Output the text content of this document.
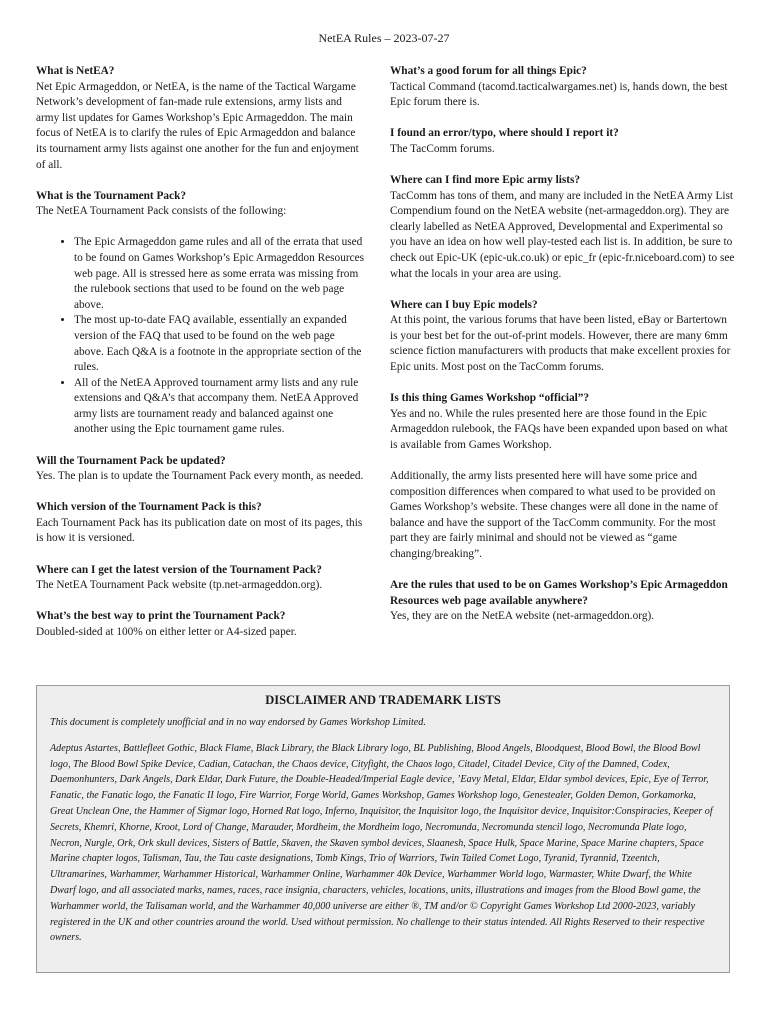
NetEA Rules – 2023-07-27

What is NetEA?

Net Epic Armageddon, or NetEA, is the name of the Tactical Wargame Network’s development of fan-made rule extensions, army lists and army list updates for Games Workshop’s Epic Armageddon. The main focus of NetEA is to clarify the rules of Epic Armageddon and balance its tournament army lists against one another for the fun and enjoyment of all.

What is the Tournament Pack?

The NetEA Tournament Pack consists of the following:

• The Epic Armageddon game rules and all of the errata that used to be found on Games Workshop’s Epic Armageddon Resources web page. All is stressed here as some errata was missing from the rulebook sections that used to be found on the web page above.
• The most up-to-date FAQ available, essentially an expanded version of the FAQ that used to be found on the web page above. Each Q&A is a footnote in the appropriate section of the rules.
• All of the NetEA Approved tournament army lists and any rule extensions and Q&A’s that accompany them. NetEA Approved army lists are tournament ready and balanced against one another using the Epic tournament game rules.

Will the Tournament Pack be updated?

Yes. The plan is to update the Tournament Pack every month, as needed.

Which version of the Tournament Pack is this?

Each Tournament Pack has its publication date on most of its pages, this is how it is versioned.

Where can I get the latest version of the Tournament Pack?

The NetEA Tournament Pack website (tp.net-armageddon.org).

What’s the best way to print the Tournament Pack?

Doubled-sided at 100% on either letter or A4-sized paper.

What’s a good forum for all things Epic?

Tactical Command (tacomd.tacticalwargames.net) is, hands down, the best Epic forum there is.

I found an error/typo, where should I report it?

The TacComm forums.

Where can I find more Epic army lists?

TacComm has tons of them, and many are included in the NetEA Army List Compendium found on the NetEA website (net-armageddon.org). They are clearly labelled as NetEA Approved, Developmental and Experimental so you have an idea on how well play-tested each list is. In addition, be sure to check out Epic-UK (epic-uk.co.uk) or epic_fr (epic-fr.niceboard.com) to see what the locals in your area are using.

Where can I buy Epic models?

At this point, the various forums that have been listed, eBay or Bartertown is your best bet for the out-of-print models. However, there are many 6mm science fiction manufacturers with products that make excellent proxies for Epic units. Most post on the TacComm forums.

Is this thing Games Workshop “official”?

Yes and no. While the rules presented here are those found in the Epic Armageddon rulebook, the FAQs have been expanded upon based on what is available from Games Workshop.

Additionally, the army lists presented here will have some price and composition differences when compared to what used to be provided on Games Workshop’s website. These changes were all done in the name of balance and have the support of the TacComm community. For the most part they are fairly minimal and should not be viewed as “game changing/breaking”.

Are the rules that used to be on Games Workshop’s Epic Armageddon Resources web page available anywhere?

Yes, they are on the NetEA website (net-armageddon.org).

DISCLAIMER AND TRADEMARK LISTS

This document is completely unofficial and in no way endorsed by Games Workshop Limited.

Adeptus Astartes, Battlefleet Gothic, Black Flame, Black Library, the Black Library logo, BL Publishing, Blood Angels, Bloodquest, Blood Bowl, the Blood Bowl logo, The Blood Bowl Spike Device, Cadian, Catachan, the Chaos device, Cityfight, the Chaos logo, Citadel, Citadel Device, City of the Damned, Codex, Daemonhunters, Dark Angels, Dark Eldar, Dark Future, the Double-Headed/Imperial Eagle device, ’Eavy Metal, Eldar, Eldar symbol devices, Epic, Eye of Terror, Fanatic, the Fanatic logo, the Fanatic II logo, Fire Warrior, Forge World, Games Workshop, Games Workshop logo, Genestealer, Golden Demon, Gorkamorka, Great Unclean One, the Hammer of Sigmar logo, Horned Rat logo, Inferno, Inquisitor, the Inquisitor logo, the Inquisitor device, Inquisitor:Conspiracies, Keeper of Secrets, Khemri, Khorne, Kroot, Lord of Change, Marauder, Mordheim, the Mordheim logo, Necromunda, Necromunda stencil logo, Necromunda Plate logo, Necron, Nurgle, Ork, Ork skull devices, Sisters of Battle, Skaven, the Skaven symbol devices, Slaanesh, Space Hulk, Space Marine, Space Marine chapters, Space Marine chapter logos, Talisman, Tau, the Tau caste designations, Tomb Kings, Trio of Warriors, Twin Tailed Comet Logo, Tyranid, Tyrannid, Tzeentch, Ultramarines, Warhammer, Warhammer Historical, Warhammer Online, Warhammer 40k Device, Warhammer World logo, Warmaster, White Dwarf, the White Dwarf logo, and all associated marks, names, races, race insignia, characters, vehicles, locations, units, illustrations and images from the Blood Bowl game, the Warhammer world, the Talisaman world, and the Warhammer 40,000 universe are either ®, TM and/or © Copyright Games Workshop Ltd 2000-2023, variably registered in the UK and other countries around the world. Used without permission. No challenge to their status intended. All Rights Reserved to their respective owners.
